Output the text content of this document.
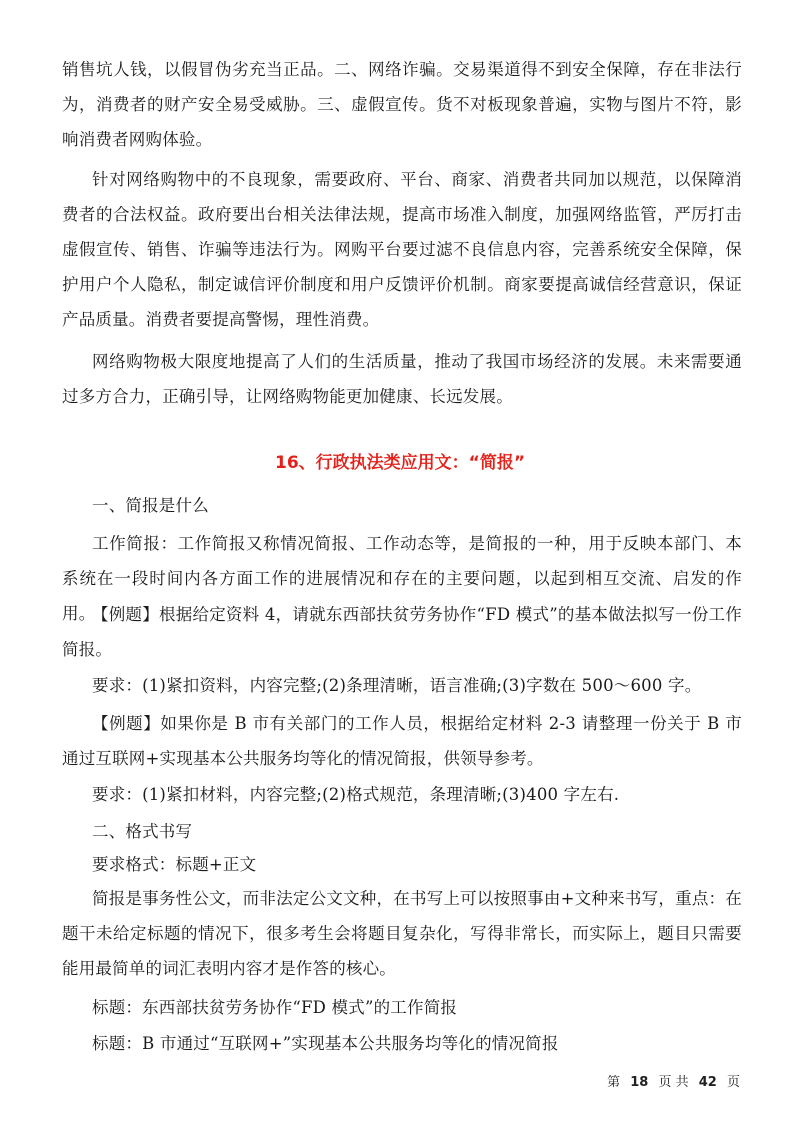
销售坑人钱，以假冒伪劣充当正品。二、网络诈骗。交易渠道得不到安全保障，存在非法行为，消费者的财产安全易受威胁。三、虚假宣传。货不对板现象普遍，实物与图片不符，影响消费者网购体验。

针对网络购物中的不良现象，需要政府、平台、商家、消费者共同加以规范，以保障消费者的合法权益。政府要出台相关法律法规，提高市场准入制度，加强网络监管，严厉打击虚假宣传、销售、诈骗等违法行为。网购平台要过滤不良信息内容，完善系统安全保障，保护用户个人隐私，制定诚信评价制度和用户反馈评价机制。商家要提高诚信经营意识，保证产品质量。消费者要提高警惕，理性消费。

网络购物极大限度地提高了人们的生活质量，推动了我国市场经济的发展。未来需要通过多方合力，正确引导，让网络购物能更加健康、长远发展。

16、行政执法类应用文：“简报”

一、简报是什么

工作简报：工作简报又称情况简报、工作动态等，是简报的一种，用于反映本部门、本系统在一段时间内各方面工作的进展情况和存在的主要问题，以起到相互交流、启发的作用。

【例题】根据给定资料 4，请就东西部扶贫劳务协作“FD 模式”的基本做法拟写一份工作简报。

要求：(1)紧扣资料，内容完整;(2)条理清晰，语言准确;(3)字数在 500～600 字。

【例题】如果你是 B 市有关部门的工作人员，根据给定材料 2-3 请整理一份关于 B 市通过互联网+实现基本公共服务均等化的情况简报，供领导参考。

要求：(1)紧扣材料，内容完整;(2)格式规范，条理清晰;(3)400 字左右.

二、格式书写

要求格式：标题+正文

简报是事务性公文，而非法定公文文种，在书写上可以按照事由+文种来书写，重点：在题干未给定标题的情况下，很多考生会将题目复杂化，写得非常长，而实际上，题目只需要能用最简单的词汇表明内容才是作答的核心。

标题：东西部扶贫劳务协作“FD 模式”的工作简报

标题：B 市通过“互联网+”实现基本公共服务均等化的情况简报

第 18 页 共 42 页
